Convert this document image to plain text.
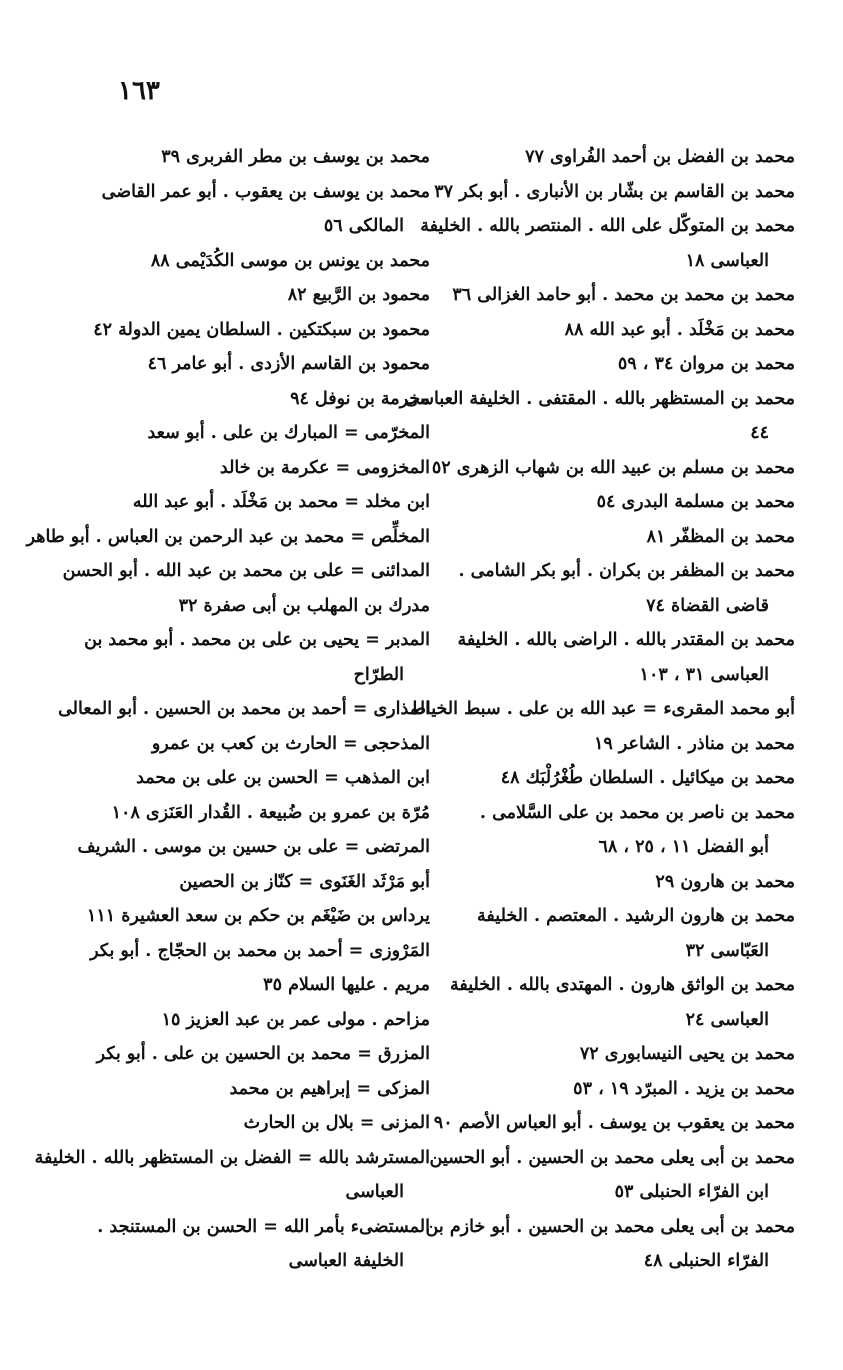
١٦٣
محمد بن الفضل بن أحمد الفُراوى ٧٧
محمد بن القاسم بن بشّار بن الأنبارى . أبو بكر ٣٧
محمد بن المتوكّل على الله . المنتصر بالله . الخليفة
العباسى ١٨
محمد بن محمد بن محمد . أبو حامد الغزالى ٣٦
محمد بن مَخْلَد . أبو عبد الله ٨٨
محمد بن مروان ٣٤ ، ٥٩
محمد بن المستظهر بالله . المقتفى . الخليفة العباسى
٤٤
محمد بن مسلم بن عبيد الله بن شهاب الزهرى ٥٢
محمد بن مسلمة البدرى ٥٤
محمد بن المظفّر ٨١
محمد بن المظفر بن بكران . أبو بكر الشامى .
قاضى القضاة ٧٤
محمد بن المقتدر بالله . الراضى بالله . الخليفة
العباسى ٣١ ، ١٠٣
أبو محمد المقرىء = عبد الله بن على . سبط الخياط
محمد بن مناذر . الشاعر ١٩
محمد بن ميكائيل . السلطان طُغْرُلْبَك ٤٨
محمد بن ناصر بن محمد بن على السَّلامى .
أبو الفضل ١١ ، ٢٥ ، ٦٨
محمد بن هارون ٢٩
محمد بن هارون الرشيد . المعتصم . الخليفة
العَبّاسى ٣٢
محمد بن الواثق هارون . المهتدى بالله . الخليفة
العباسى ٢٤
محمد بن يحيى النيسابورى ٧٢
محمد بن يزيد . المبرّد ١٩ ، ٥٣
محمد بن يعقوب بن يوسف . أبو العباس الأصم ٩٠
محمد بن أبى يعلى محمد بن الحسين . أبو الحسين
ابن الفرّاء الحنبلى ٥٣
محمد بن أبى يعلى محمد بن الحسين . أبو خازم بن
الفرّاء الحنبلى ٤٨
محمد بن يوسف بن مطر الفربرى ٣٩
محمد بن يوسف بن يعقوب . أبو عمر القاضى
المالكى ٥٦
محمد بن يونس بن موسى الكُدَيْمى ٨٨
محمود بن الرَّبيع ٨٢
محمود بن سبكتكين . السلطان يمين الدولة ٤٢
محمود بن القاسم الأزدى . أبو عامر ٤٦
مخرمة بن نوفل ٩٤
المخرّمى = المبارك بن على . أبو سعد
المخزومى = عكرمة بن خالد
ابن مخلد = محمد بن مَخْلَد . أبو عبد الله
المخلِّص = محمد بن عبد الرحمن بن العباس . أبو طاهر
المدائنى = على بن محمد بن عبد الله . أبو الحسن
مدرك بن المهلب بن أبى صفرة ٣٢
المدبر = يحيى بن على بن محمد . أبو محمد بن
الطرّاح
المذارى = أحمد بن محمد بن الحسين . أبو المعالى
المذحجى = الحارث بن كعب بن عمرو
ابن المذهب = الحسن بن على بن محمد
مُرّة بن عمرو بن ضُبيعة . القُدار العَنَزى ١٠٨
المرتضى = على بن حسين بن موسى . الشريف
أبو مَرْثَد الغَنَوى = كنّاز بن الحصين
يرداس بن ضَيْغَم بن حكم بن سعد العشيرة ١١١
المَرْوزى = أحمد بن محمد بن الحجّاج . أبو بكر
مريم . عليها السلام ٣٥
مزاحم . مولى عمر بن عبد العزيز ١٥
المزرق = محمد بن الحسين بن على . أبو بكر
المزكى = إبراهيم بن محمد
المزنى = بلال بن الحارث
المسترشد بالله = الفضل بن المستظهر بالله . الخليفة
العباسى
المستضىء بأمر الله = الحسن بن المستنجد .
الخليفة العباسى
